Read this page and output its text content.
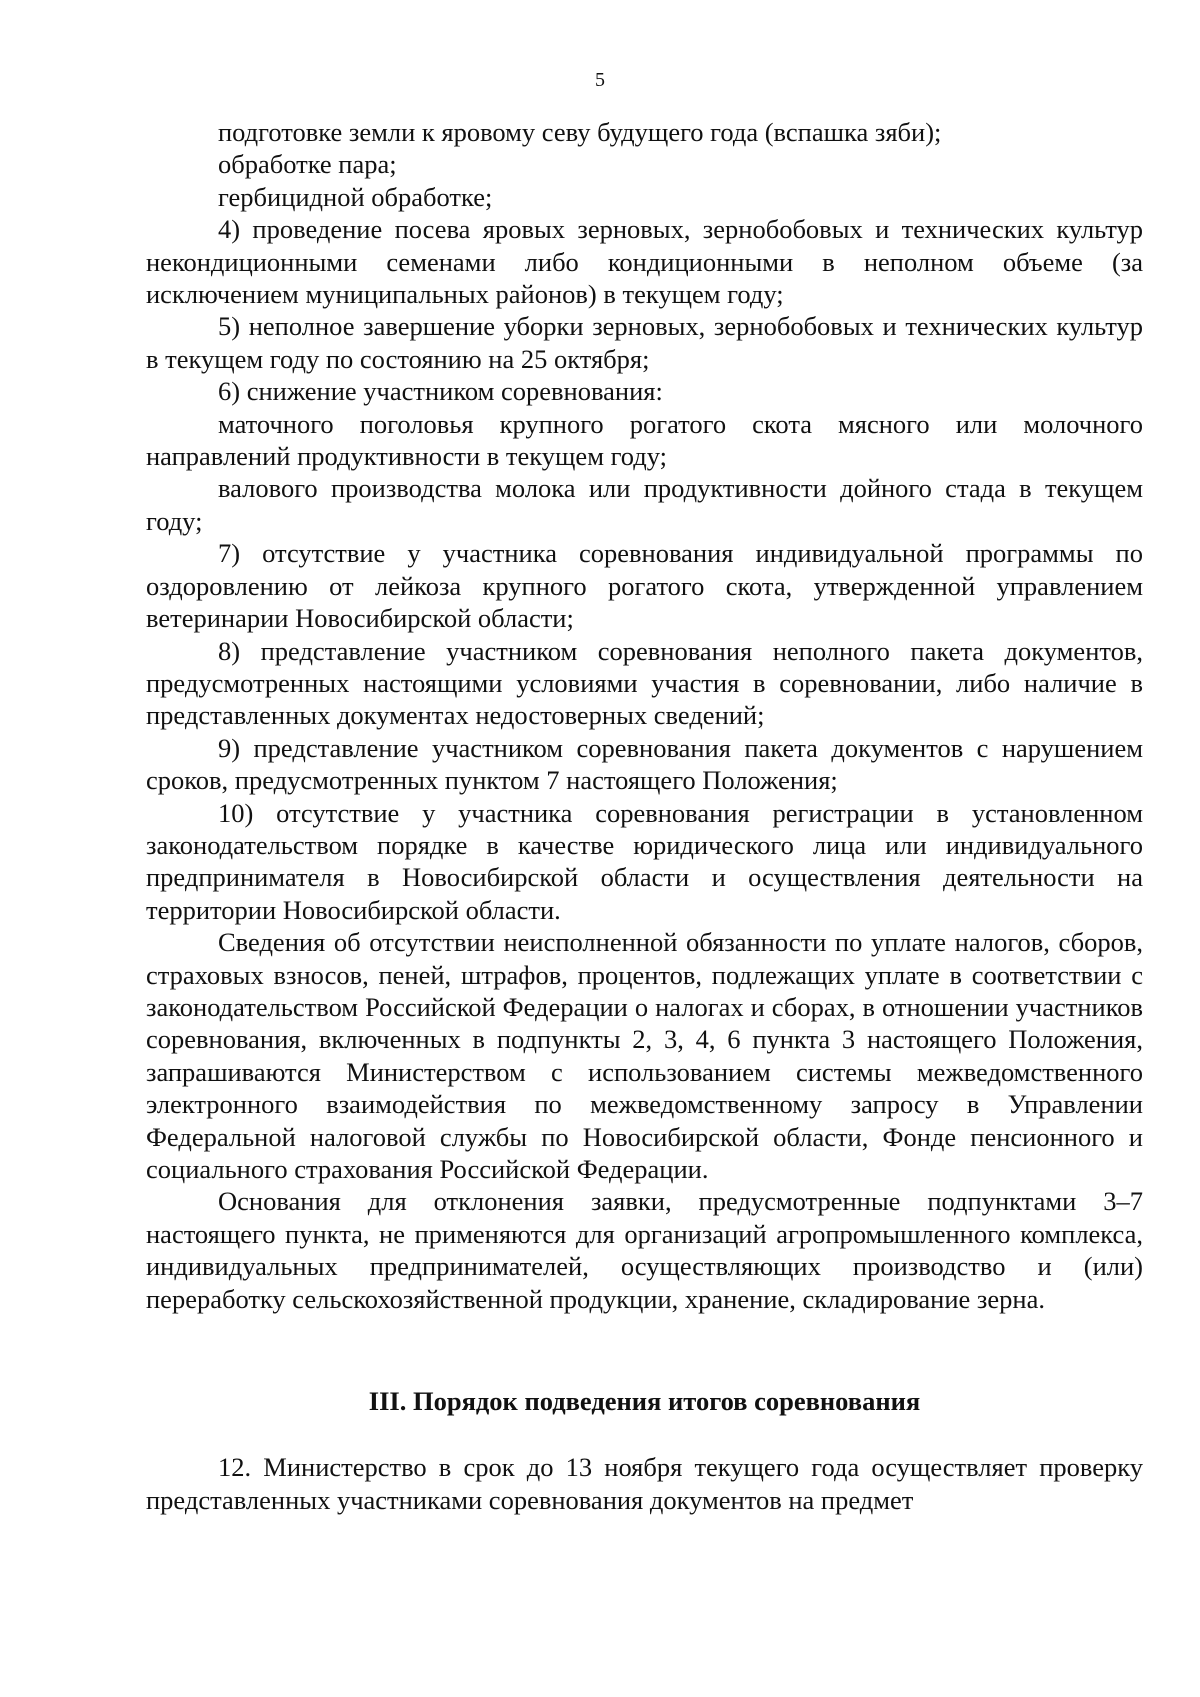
5

подготовке земли к яровому севу будущего года (вспашка зяби);

обработке пара;

гербицидной обработке;

4) проведение посева яровых зерновых, зернобобовых и технических культур некондиционными семенами либо кондиционными в неполном объеме (за исключением муниципальных районов) в текущем году;

5) неполное завершение уборки зерновых, зернобобовых и технических культур в текущем году по состоянию на 25 октября;

6) снижение участником соревнования:

маточного поголовья крупного рогатого скота мясного или молочного направлений продуктивности в текущем году;

валового производства молока или продуктивности дойного стада в текущем году;

7) отсутствие у участника соревнования индивидуальной программы по оздоровлению от лейкоза крупного рогатого скота, утвержденной управлением ветеринарии Новосибирской области;

8) представление участником соревнования неполного пакета документов, предусмотренных настоящими условиями участия в соревновании, либо наличие в представленных документах недостоверных сведений;

9) представление участником соревнования пакета документов с нарушением сроков, предусмотренных пунктом 7 настоящего Положения;

10) отсутствие у участника соревнования регистрации в установленном законодательством порядке в качестве юридического лица или индивидуального предпринимателя в Новосибирской области и осуществления деятельности на территории Новосибирской области.

Сведения об отсутствии неисполненной обязанности по уплате налогов, сборов, страховых взносов, пеней, штрафов, процентов, подлежащих уплате в соответствии с законодательством Российской Федерации о налогах и сборах, в отношении участников соревнования, включенных в подпункты 2, 3, 4, 6 пункта 3 настоящего Положения, запрашиваются Министерством с использованием системы межведомственного электронного взаимодействия по межведомственному запросу в Управлении Федеральной налоговой службы по Новосибирской области, Фонде пенсионного и социального страхования Российской Федерации.

Основания для отклонения заявки, предусмотренные подпунктами 3–7 настоящего пункта, не применяются для организаций агропромышленного комплекса, индивидуальных предпринимателей, осуществляющих производство и (или) переработку сельскохозяйственной продукции, хранение, складирование зерна.

III. Порядок подведения итогов соревнования

12. Министерство в срок до 13 ноября текущего года осуществляет проверку представленных участниками соревнования документов на предмет
